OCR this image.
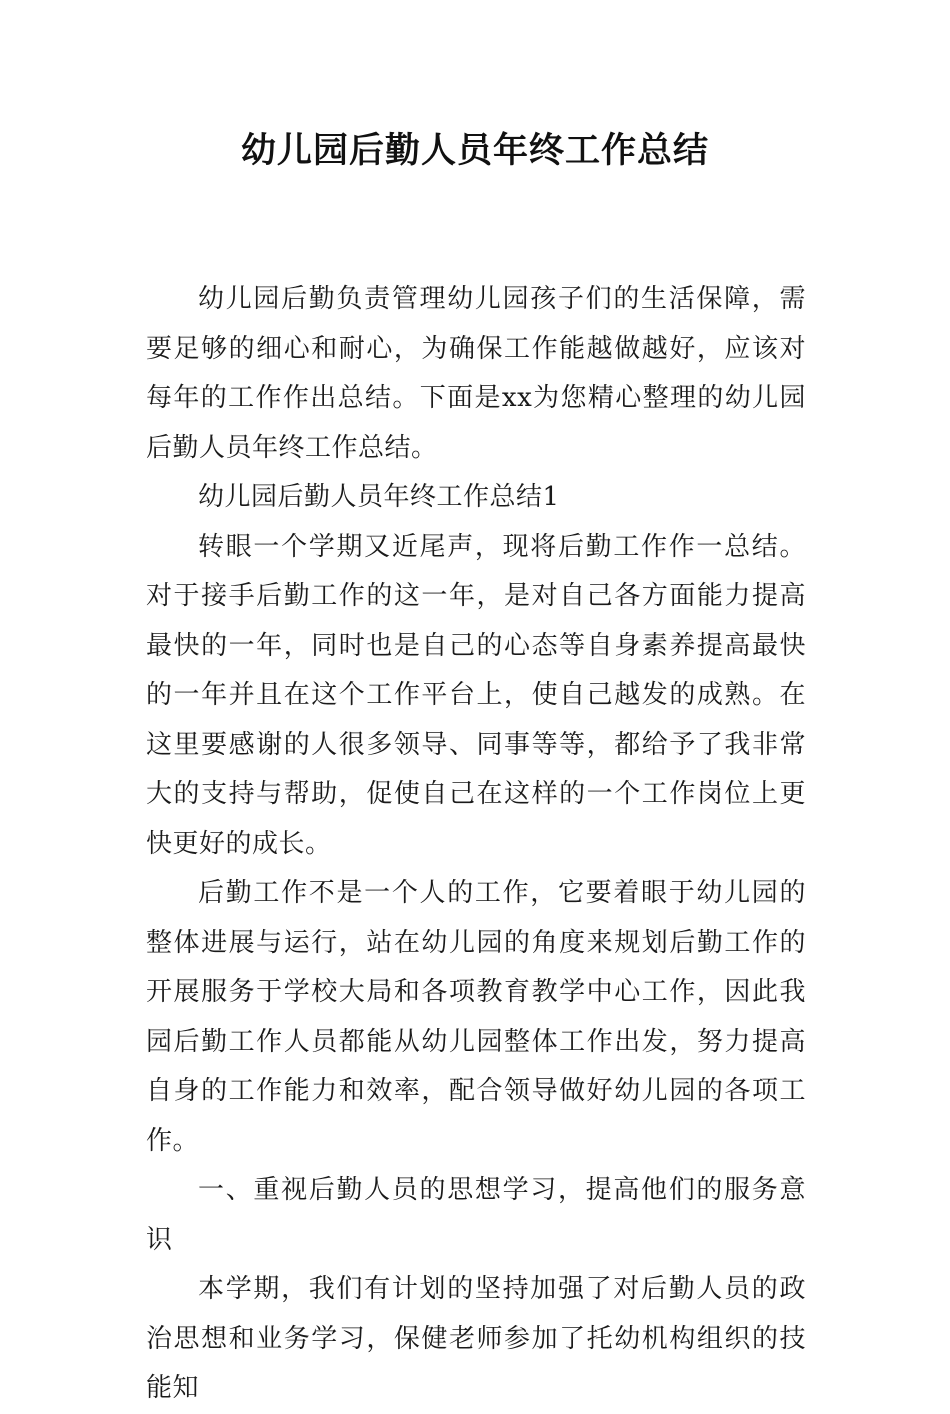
幼儿园后勤人员年终工作总结

幼儿园后勤负责管理幼儿园孩子们的生活保障，需要足够的细心和耐心，为确保工作能越做越好，应该对每年的工作作出总结。下面是xx为您精心整理的幼儿园后勤人员年终工作总结。

幼儿园后勤人员年终工作总结1

转眼一个学期又近尾声，现将后勤工作作一总结。对于接手后勤工作的这一年，是对自己各方面能力提高最快的一年，同时也是自己的心态等自身素养提高最快的一年并且在这个工作平台上，使自己越发的成熟。在这里要感谢的人很多领导、同事等等，都给予了我非常大的支持与帮助，促使自己在这样的一个工作岗位上更快更好的成长。

后勤工作不是一个人的工作，它要着眼于幼儿园的整体进展与运行，站在幼儿园的角度来规划后勤工作的开展服务于学校大局和各项教育教学中心工作，因此我园后勤工作人员都能从幼儿园整体工作出发，努力提高自身的工作能力和效率，配合领导做好幼儿园的各项工作。

一、重视后勤人员的思想学习，提高他们的服务意识

本学期，我们有计划的坚持加强了对后勤人员的政治思想和业务学习，保健老师参加了托幼机构组织的技能知
